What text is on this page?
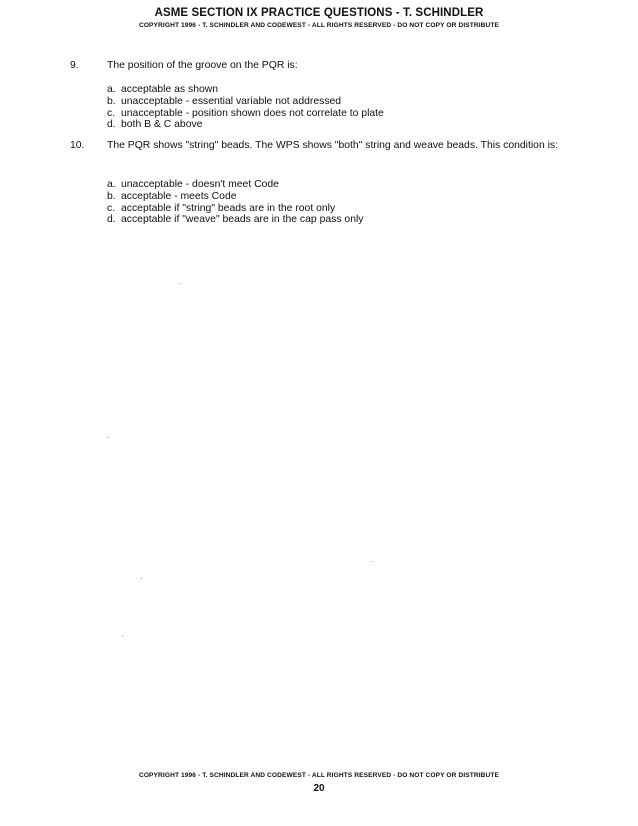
ASME SECTION IX PRACTICE QUESTIONS - T. SCHINDLER
COPYRIGHT 1996 - T. SCHINDLER AND CODEWEST - ALL RIGHTS RESERVED - DO NOT COPY OR DISTRIBUTE
9.	The position of the groove on the PQR is:
a. acceptable as shown
b. unacceptable - essential variable not addressed
c. unacceptable - position shown does not correlate to plate
d. both B & C above
10. The PQR shows "string" beads. The WPS shows "both" string and weave beads. This condition is:
a. unacceptable - doesn't meet Code
b. acceptable - meets Code
c. acceptable if "string" beads are in the root only
d. acceptable if "weave" beads are in the cap pass only
COPYRIGHT 1996 - T. SCHINDLER AND CODEWEST - ALL RIGHTS RESERVED - DO NOT COPY OR DISTRIBUTE
20
